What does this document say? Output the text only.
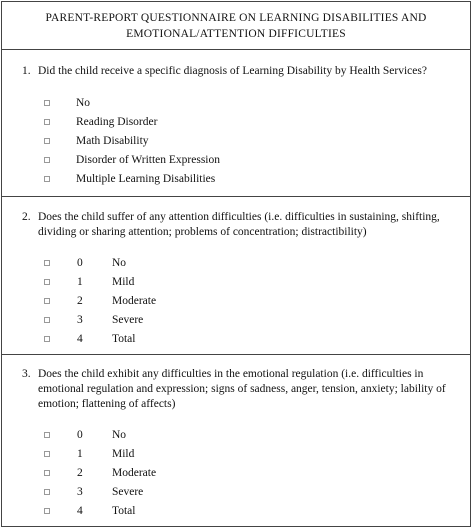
PARENT-REPORT QUESTIONNAIRE ON LEARNING DISABILITIES AND
EMOTIONAL/ATTENTION DIFFICULTIES
1. Did the child receive a specific diagnosis of Learning Disability by Health Services?
No
Reading Disorder
Math Disability
Disorder of Written Expression
Multiple Learning Disabilities
2. Does the child suffer of any attention difficulties (i.e. difficulties in sustaining, shifting, dividing or sharing attention; problems of concentration; distractibility)
0	No
1	Mild
2	Moderate
3	Severe
4	Total
3. Does the child exhibit any difficulties in the emotional regulation (i.e. difficulties in emotional regulation and expression; signs of sadness, anger, tension, anxiety; lability of emotion; flattening of affects)
0	No
1	Mild
2	Moderate
3	Severe
4	Total
